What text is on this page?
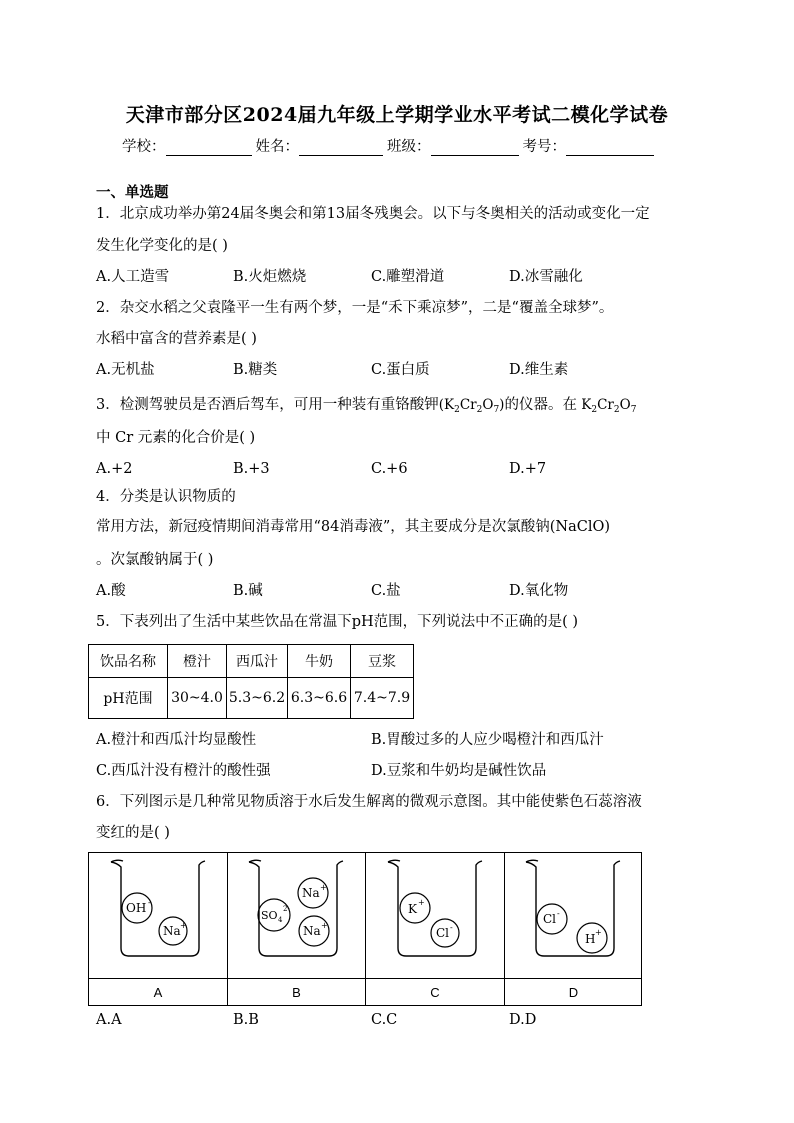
天津市部分区2024届九年级上学期学业水平考试二模化学试卷
学校：	姓名：	班级：	考号：
一、单选题
1．北京成功举办第24届冬奥会和第13届冬残奥会。以下与冬奥相关的活动或变化一定
发生化学变化的是( )
A.人工造雪	B.火炬燃烧	C.雕塑滑道	D.冰雪融化
2．杂交水稻之父袁隆平一生有两个梦，一是“禾下乘凉梦”，二是“覆盖全球梦”。
水稻中富含的营养素是( )
A.无机盐	B.糖类	C.蛋白质	D.维生素
3．检测驾驶员是否酒后驾车，可用一种装有重铬酸钾$(K_2Cr_2O_7)$的仪器。在 $K_2Cr_2O_7$
中 Cr 元素的化合价是( )
A.+2	B.+3	C.+6	D.+7
4．分类是认识物质的
常用方法，新冠疫情期间消毒常用“84消毒液”，其主要成分是次氯酸钠(NaClO)
。次氯酸钠属于( )
A.酸	B.碱	C.盐	D.氧化物
5．下表列出了生活中某些饮品在常温下pH范围，下列说法中不正确的是( )
饮品名称	橙汁	西瓜汁	牛奶	豆浆
pH范围	30~4.0	5.3~6.2	6.3~6.6	7.4~7.9
A.橙汁和西瓜汁均显酸性	B.胃酸过多的人应少喝橙汁和西瓜汁
C.西瓜汁没有橙汁的酸性强	D.豆浆和牛奶均是碱性饮品
6．下列图示是几种常见物质溶于水后发生解离的微观示意图。其中能使紫色石蕊溶液
变红的是( )
A	B	C	D
OH -
Na +
Na +
SO 4
2-
Na +
K +
Cl -
Cl -
H +
A.A	B.B	C.C	D.D
